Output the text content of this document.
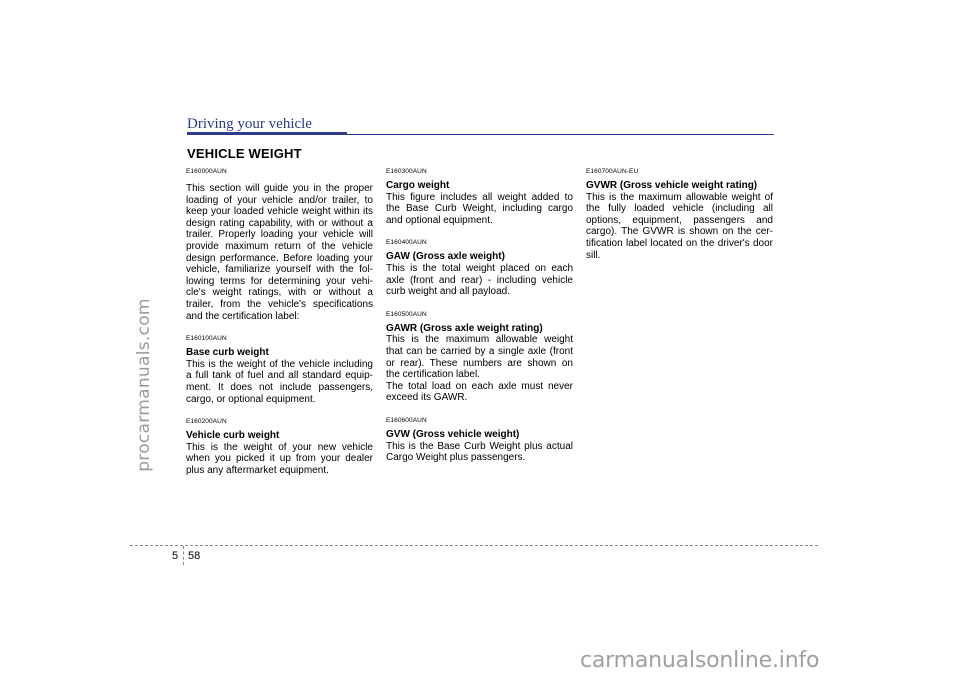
procarmanuals.com
carmanualsonline.info
Driving your vehicle
VEHICLE WEIGHT

E160000AUN

This section will guide you in the proper loading of your vehicle and/or trailer, to keep your loaded vehicle weight within its design rating capability, with or without a trailer. Properly loading your vehicle will provide maximum return of the vehicle design performance. Before loading your vehicle, familiarize yourself with the fol-lowing terms for determining your vehi-cle's weight ratings, with or without a trailer, from the vehicle's specifications and the certification label:

E160100AUN

Base curb weight

This is the weight of the vehicle including a full tank of fuel and all standard equip-ment. It does not include passengers, cargo, or optional equipment.

E160200AUN

Vehicle curb weight

This is the weight of your new vehicle when you picked it up from your dealer plus any aftermarket equipment.

E160300AUN

Cargo weight

This figure includes all weight added to the Base Curb Weight, including cargo and optional equipment.

E160400AUN

GAW (Gross axle weight)

This is the total weight placed on each axle (front and rear) - including vehicle curb weight and all payload.

E160500AUN

GAWR (Gross axle weight rating)

This is the maximum allowable weight that can be carried by a single axle (front or rear). These numbers are shown on the certification label.
The total load on each axle must never exceed its GAWR.

E160600AUN

GVW (Gross vehicle weight)

This is the Base Curb Weight plus actual Cargo Weight plus passengers.

E160700AUN-EU

GVWR (Gross vehicle weight rating)

This is the maximum allowable weight of the fully loaded vehicle (including all options, equipment, passengers and cargo). The GVWR is shown on the cer-tification label located on the driver's door sill.

5 58
